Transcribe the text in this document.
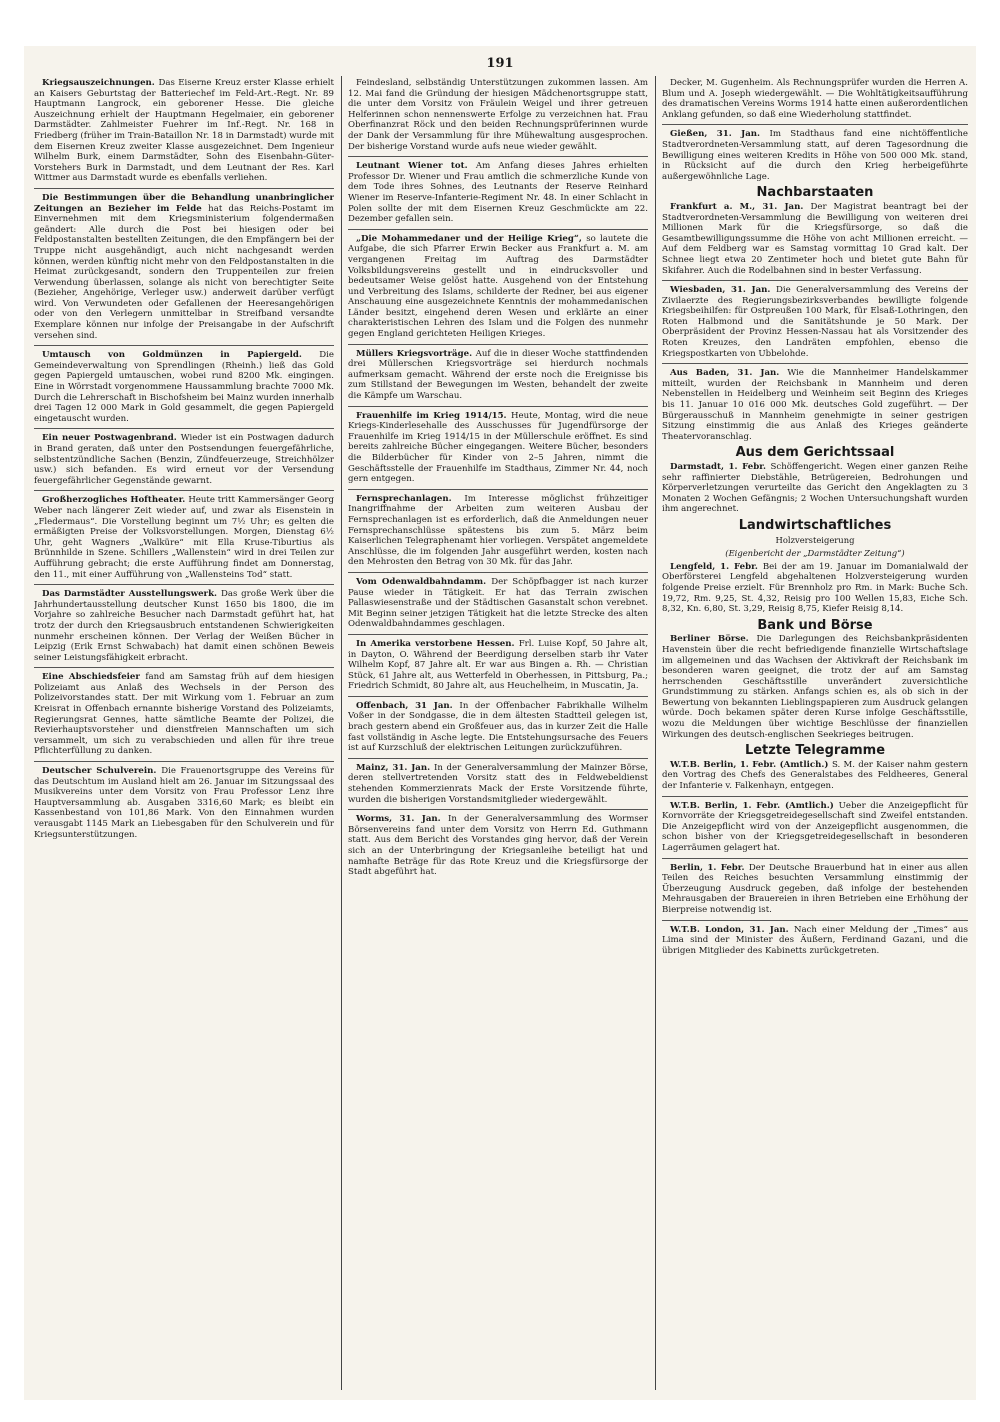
191

Kriegsauszeichnungen. Das Eiserne Kreuz erster Klasse erhielt an Kaisers Geburtstag der Batteriechef im Feld-Art.-Regt. Nr. 89 Hauptmann Langrock, ein geborener Hesse. Die gleiche Auszeichnung erhielt der Hauptmann Hegelmaier, ein geborener Darmstädter. Zahlmeister Fuehrer im Inf.-Regt. Nr. 168 in Friedberg (früher im Train-Bataillon Nr. 18 in Darmstadt) wurde mit dem Eisernen Kreuz zweiter Klasse ausgezeichnet. Dem Ingenieur Wilhelm Burk, einem Darmstädter, Sohn des Eisenbahn-Güter-Vorstehers Burk in Darmstadt, und dem Leutnant der Res. Karl Wittmer aus Darmstadt wurde es ebenfalls verliehen.

Die Bestimmungen über die Behandlung unanbringlicher Zeitungen an Bezieher im Felde hat das Reichs-Postamt im Einvernehmen mit dem Kriegsministerium folgendermaßen geändert: Alle durch die Post bei hiesigen oder bei Feldpostanstalten bestellten Zeitungen, die den Empfängern bei der Truppe nicht ausgehändigt, auch nicht nachgesandt werden können, werden künftig nicht mehr von den Feldpostanstalten in die Heimat zurückgesandt, sondern den Truppenteilen zur freien Verwendung überlassen, solange als nicht von berechtigter Seite (Bezieher, Angehörige, Verleger usw.) anderweit darüber verfügt wird. Von Verwundeten oder Gefallenen der Heeresangehörigen oder von den Verlegern unmittelbar in Streifband versandte Exemplare können nur infolge der Preisangabe in der Aufschrift versehen sind.

Umtausch von Goldmünzen in Papiergeld. Die Gemeindeverwaltung von Sprendlingen (Rheinh.) ließ das Gold gegen Papiergeld umtauschen, wobei rund 8200 Mk. eingingen. Eine in Wörrstadt vorgenommene Haussammlung brachte 7000 Mk. Durch die Lehrerschaft in Bischofsheim bei Mainz wurden innerhalb drei Tagen 12 000 Mark in Gold gesammelt, die gegen Papiergeld eingetauscht wurden.

Ein neuer Postwagenbrand. Wieder ist ein Postwagen dadurch in Brand geraten, daß unter den Postsendungen feuergefährliche, selbstentzündliche Sachen (Benzin, Zündfeuerzeuge, Streichhölzer usw.) sich befanden. Es wird erneut vor der Versendung feuergefährlicher Gegenstände gewarnt.

Großherzogliches Hoftheater. Heute tritt Kammersänger Georg Weber nach längerer Zeit wieder auf, und zwar als Eisenstein in „Fledermaus“. Die Vorstellung beginnt um 7½ Uhr; es gelten die ermäßigten Preise der Volksvorstellungen. Morgen, Dienstag 6½ Uhr, geht Wagners „Walküre“ mit Ella Kruse-Tiburtius als Brünnhilde in Szene. Schillers „Wallenstein“ wird in drei Teilen zur Aufführung gebracht; die erste Aufführung findet am Donnerstag, den 11., mit einer Aufführung von „Wallensteins Tod“ statt.

Das Darmstädter Ausstellungswerk. Das große Werk über die Jahrhundertausstellung deutscher Kunst 1650 bis 1800, die im Vorjahre so zahlreiche Besucher nach Darmstadt geführt hat, hat trotz der durch den Kriegsausbruch entstandenen Schwierigkeiten nunmehr erscheinen können. Der Verlag der Weißen Bücher in Leipzig (Erik Ernst Schwabach) hat damit einen schönen Beweis seiner Leistungsfähigkeit erbracht.

Eine Abschiedsfeier fand am Samstag früh auf dem hiesigen Polizeiamt aus Anlaß des Wechsels in der Person des Polizeivorstandes statt. Der mit Wirkung vom 1. Februar an zum Kreisrat in Offenbach ernannte bisherige Vorstand des Polizeiamts, Regierungsrat Gennes, hatte sämtliche Beamte der Polizei, die Revierhauptsvorsteher und dienstfreien Mannschaften um sich versammelt, um sich zu verabschieden und allen für ihre treue Pflichterfüllung zu danken.

Deutscher Schulverein. Die Frauenortsgruppe des Vereins für das Deutschtum im Ausland hielt am 26. Januar im Sitzungssaal des Musikvereins unter dem Vorsitz von Frau Professor Lenz ihre Hauptversammlung ab. Ausgaben 3316,60 Mark; es bleibt ein Kassenbestand von 101,86 Mark. Von den Einnahmen wurden verausgabt 1145 Mark an Liebesgaben für den Schulverein und für Kriegsunterstützungen.

Feindesland, selbständig Unterstützungen zukommen lassen. Am 12. Mai fand die Gründung der hiesigen Mädchenortsgruppe statt, die unter dem Vorsitz von Fräulein Weigel und ihrer getreuen Helferinnen schon nennenswerte Erfolge zu verzeichnen hat. Frau Oberfinanzrat Röck und den beiden Rechnungsprüferinnen wurde der Dank der Versammlung für ihre Mühewaltung ausgesprochen. Der bisherige Vorstand wurde aufs neue wieder gewählt.

Leutnant Wiener tot. Am Anfang dieses Jahres erhielten Professor Dr. Wiener und Frau amtlich die schmerzliche Kunde von dem Tode ihres Sohnes, des Leutnants der Reserve Reinhard Wiener im Reserve-Infanterie-Regiment Nr. 48. In einer Schlacht in Polen sollte der mit dem Eisernen Kreuz Geschmückte am 22. Dezember gefallen sein.

„Die Mohammedaner und der Heilige Krieg“, so lautete die Aufgabe, die sich Pfarrer Erwin Becker aus Frankfurt a. M. am vergangenen Freitag im Auftrag des Darmstädter Volksbildungsvereins gestellt und in eindrucksvoller und bedeutsamer Weise gelöst hatte. Ausgehend von der Entstehung und Verbreitung des Islams, schilderte der Redner, bei aus eigener Anschauung eine ausgezeichnete Kenntnis der mohammedanischen Länder besitzt, eingehend deren Wesen und erklärte an einer charakteristischen Lehren des Islam und die Folgen des nunmehr gegen England gerichteten Heiligen Krieges.

Müllers Kriegsvorträge. Auf die in dieser Woche stattfindenden drei Müllerschen Kriegsvorträge sei hierdurch nochmals aufmerksam gemacht. Während der erste noch die Ereignisse bis zum Stillstand der Bewegungen im Westen, behandelt der zweite die Kämpfe um Warschau.

Frauenhilfe im Krieg 1914/15. Heute, Montag, wird die neue Kriegs-Kinderlesehalle des Ausschusses für Jugendfürsorge der Frauenhilfe im Krieg 1914/15 in der Müllerschule eröffnet. Es sind bereits zahlreiche Bücher eingegangen. Weitere Bücher, besonders die Bilderbücher für Kinder von 2–5 Jahren, nimmt die Geschäftsstelle der Frauenhilfe im Stadthaus, Zimmer Nr. 44, noch gern entgegen.

Fernsprechanlagen. Im Interesse möglichst frühzeitiger Inangriffnahme der Arbeiten zum weiteren Ausbau der Fernsprechanlagen ist es erforderlich, daß die Anmeldungen neuer Fernsprechanschlüsse spätestens bis zum 5. März beim Kaiserlichen Telegraphenamt hier vorliegen. Verspätet angemeldete Anschlüsse, die im folgenden Jahr ausgeführt werden, kosten nach den Mehrosten den Betrag von 30 Mk. für das Jahr.

Vom Odenwaldbahndamm. Der Schöpfbagger ist nach kurzer Pause wieder in Tätigkeit. Er hat das Terrain zwischen Pallaswiesenstraße und der Städtischen Gasanstalt schon verebnet. Mit Beginn seiner jetzigen Tätigkeit hat die letzte Strecke des alten Odenwaldbahndammes geschlagen.

In Amerika verstorbene Hessen. Frl. Luise Kopf, 50 Jahre alt, in Dayton, O. Während der Beerdigung derselben starb ihr Vater Wilhelm Kopf, 87 Jahre alt. Er war aus Bingen a. Rh. — Christian Stück, 61 Jahre alt, aus Wetterfeld in Oberhessen, in Pittsburg, Pa.; Friedrich Schmidt, 80 Jahre alt, aus Heuchelheim, in Muscatin, Ja.

Offenbach, 31 Jan. In der Offenbacher Fabrikhalle Wilhelm Voßer in der Sondgasse, die in dem ältesten Stadtteil gelegen ist, brach gestern abend ein Großfeuer aus, das in kurzer Zeit die Halle fast vollständig in Asche legte. Die Entstehungsursache des Feuers ist auf Kurzschluß der elektrischen Leitungen zurückzuführen.

Mainz, 31. Jan. In der Generalversammlung der Mainzer Börse, deren stellvertretenden Vorsitz statt des in Feldwebeldienst stehenden Kommerzienrats Mack der Erste Vorsitzende führte, wurden die bisherigen Vorstandsmitglieder wiedergewählt.

Worms, 31. Jan. In der Generalversammlung des Wormser Börsenvereins fand unter dem Vorsitz von Herrn Ed. Guthmann statt. Aus dem Bericht des Vorstandes ging hervor, daß der Verein sich an der Unterbringung der Kriegsanleihe beteiligt hat und namhafte Beträge für das Rote Kreuz und die Kriegsfürsorge der Stadt abgeführt hat.

Decker, M. Gugenheim. Als Rechnungsprüfer wurden die Herren A. Blum und A. Joseph wiedergewählt. — Die Wohltätigkeitsaufführung des dramatischen Vereins Worms 1914 hatte einen außerordentlichen Anklang gefunden, so daß eine Wiederholung stattfindet.

Gießen, 31. Jan. Im Stadthaus fand eine nichtöffentliche Stadtverordneten-Versammlung statt, auf deren Tagesordnung die Bewilligung eines weiteren Kredits in Höhe von 500 000 Mk. stand, in Rücksicht auf die durch den Krieg herbeigeführte außergewöhnliche Lage.

Nachbarstaaten

Frankfurt a. M., 31. Jan. Der Magistrat beantragt bei der Stadtverordneten-Versammlung die Bewilligung von weiteren drei Millionen Mark für die Kriegsfürsorge, so daß die Gesamtbewilligungssumme die Höhe von acht Millionen erreicht. — Auf dem Feldberg war es Samstag vormittag 10 Grad kalt. Der Schnee liegt etwa 20 Zentimeter hoch und bietet gute Bahn für Skifahrer. Auch die Rodelbahnen sind in bester Verfassung.

Wiesbaden, 31. Jan. Die Generalversammlung des Vereins der Zivilaerzte des Regierungsbezirksverbandes bewilligte folgende Kriegsbeihilfen: für Ostpreußen 100 Mark, für Elsaß-Lothringen, den Roten Halbmond und die Sanitätshunde je 50 Mark. Der Oberpräsident der Provinz Hessen-Nassau hat als Vorsitzender des Roten Kreuzes, den Landräten empfohlen, ebenso die Kriegspostkarten von Ubbelohde.

Aus Baden, 31. Jan. Wie die Mannheimer Handelskammer mitteilt, wurden der Reichsbank in Mannheim und deren Nebenstellen in Heidelberg und Weinheim seit Beginn des Krieges bis 11. Januar 10 016 000 Mk. deutsches Gold zugeführt. — Der Bürgerausschuß in Mannheim genehmigte in seiner gestrigen Sitzung einstimmig die aus Anlaß des Krieges geänderte Theatervoranschlag.

Aus dem Gerichtssaal

Darmstadt, 1. Febr. Schöffengericht. Wegen einer ganzen Reihe sehr raffinierter Diebstähle, Betrügereien, Bedrohungen und Körperverletzungen verurteilte das Gericht den Angeklagten zu 3 Monaten 2 Wochen Gefängnis; 2 Wochen Untersuchungshaft wurden ihm angerechnet.

Landwirtschaftliches
Holzversteigerung
(Eigenbericht der „Darmstädter Zeitung“)

Lengfeld, 1. Febr. Bei der am 19. Januar im Domanialwald der Oberförsterei Lengfeld abgehaltenen Holzversteigerung wurden folgende Preise erzielt. Für Brennholz pro Rm. in Mark: Buche Sch. 19,72, Rm. 9,25, St. 4,32, Reisig pro 100 Wellen 15,83, Eiche Sch. 8,32, Kn. 6,80, St. 3,29, Reisig 8,75, Kiefer Reisig 8,14.

Bank und Börse

Berliner Börse. Die Darlegungen des Reichsbankpräsidenten Havenstein über die recht befriedigende finanzielle Wirtschaftslage im allgemeinen und das Wachsen der Aktivkraft der Reichsbank im besonderen waren geeignet, die trotz der auf am Samstag herrschenden Geschäftsstille unverändert zuversichtliche Grundstimmung zu stärken. Anfangs schien es, als ob sich in der Bewertung von bekannten Lieblingspapieren zum Ausdruck gelangen würde. Doch bekamen später deren Kurse infolge Geschäftsstille, wozu die Meldungen über wichtige Beschlüsse der finanziellen Wirkungen des deutsch-englischen Seekrieges beitrugen.

Letzte Telegramme

W.T.B. Berlin, 1. Febr. (Amtlich.) S. M. der Kaiser nahm gestern den Vortrag des Chefs des Generalstabes des Feldheeres, General der Infanterie v. Falkenhayn, entgegen.

W.T.B. Berlin, 1. Febr. (Amtlich.) Ueber die Anzeigepflicht für Kornvorräte der Kriegsgetreidegesellschaft sind Zweifel entstanden. Die Anzeigepflicht wird von der Anzeigepflicht ausgenommen, die schon bisher von der Kriegsgetreidegesellschaft in besonderen Lagerräumen gelagert hat.

Berlin, 1. Febr. Der Deutsche Brauerbund hat in einer aus allen Teilen des Reiches besuchten Versammlung einstimmig der Überzeugung Ausdruck gegeben, daß infolge der bestehenden Mehrausgaben der Brauereien in ihren Betrieben eine Erhöhung der Bierpreise notwendig ist.

W.T.B. London, 31. Jan. Nach einer Meldung der „Times“ aus Lima sind der Minister des Äußern, Ferdinand Gazani, und die übrigen Mitglieder des Kabinetts zurückgetreten.
